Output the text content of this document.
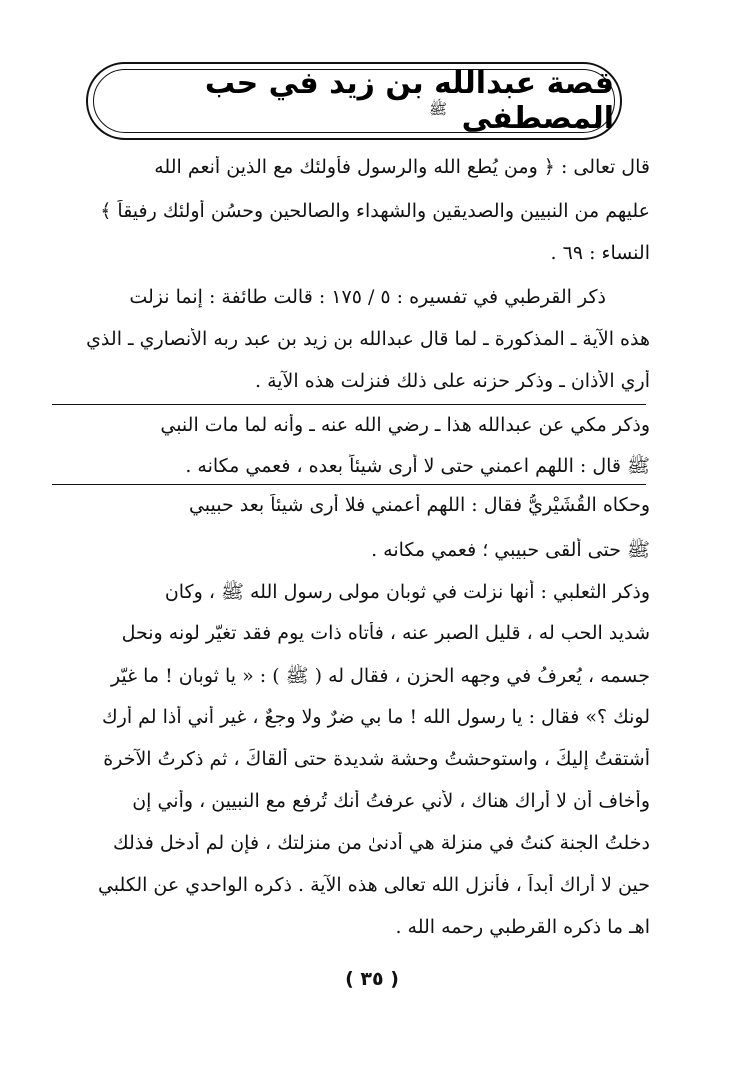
قصة عبدالله بن زيد في حب المصطفى ﷺ
قال تعالى : ﴿ ومن يُطع الله والرسول فأولئك مع الذين أنعم الله
عليهم من النبيين والصديقين والشهداء والصالحين وحسُن أولئك رفيقاً ﴾
النساء : ٦٩ .
ذكر القرطبي في تفسيره : ٥ / ١٧٥ : قالت طائفة : إنما نزلت
هذه الآية ـ المذكورة ـ لما قال عبدالله بن زيد بن عبد ربه الأنصاري ـ الذي
أري الأذان ـ وذكر حزنه على ذلك فنزلت هذه الآية .
وذكر مكي عن عبدالله هذا ـ رضي الله عنه ـ وأنه لما مات النبي
ﷺ قال : اللهم اعمني حتى لا أرى شيئاً بعده ، فعمي مكانه .
وحكاه القُشَيْريُّ فقال : اللهم أعمني فلا أرى شيئاً بعد حبيبي
ﷺ حتى ألقى حبيبي ؛ فعمي مكانه .
وذكر الثعلبي : أنها نزلت في ثوبان مولى رسول الله ﷺ ، وكان
شديد الحب له ، قليل الصبر عنه ، فأتاه ذات يوم فقد تغيّر لونه ونحل
جسمه ، يُعرفُ في وجهه الحزن ، فقال له ( ﷺ ) : « يا ثوبان ! ما غيّر
لونك ؟» فقال : يا رسول الله ! ما بي ضرٌ ولا وجعٌ ، غير أني أذا لم أرك
أشتقتُ إليكَ ، واستوحشتُ وحشة شديدة حتى ألقاكَ ، ثم ذكرتُ الآخرة
وأخاف أن لا أراك هناك ، لأني عرفتُ أنك تُرفع مع النبيين ، وأني إن
دخلتُ الجنة كنتُ في منزلة هي أدنىٰ من منزلتك ، فإن لم أدخل فذلك
حين لا أراك أبداً ، فأنزل الله تعالى هذه الآية . ذكره الواحدي عن الكلبي
اهـ ما ذكره القرطبي رحمه الله .
( ٣٥ )
